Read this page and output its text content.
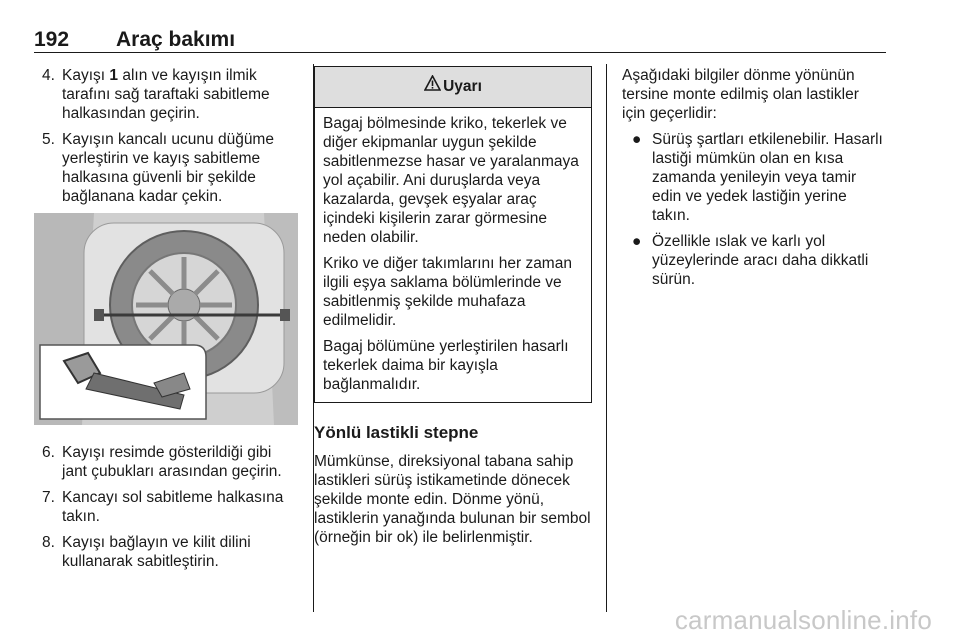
192 Araç bakımı
4. Kayışı 1 alın ve kayışın ilmik tarafını sağ taraftaki sabitleme halkasından geçirin.
5. Kayışın kancalı ucunu düğüme yerleştirin ve kayış sabitleme halkasına güvenli bir şekilde bağlanana kadar çekin.
6. Kayışı resimde gösterildiği gibi jant çubukları arasından geçirin.
7. Kancayı sol sabitleme halkasına takın.
8. Kayışı bağlayın ve kilit dilini kullanarak sabitleştirin.
Uyarı

Bagaj bölmesinde kriko, tekerlek ve diğer ekipmanlar uygun şekilde sabitlenmezse hasar ve yaralanmaya yol açabilir. Ani duruşlarda veya kazalarda, gevşek eşyalar araç içindeki kişilerin zarar görmesine neden olabilir.

Kriko ve diğer takımlarını her zaman ilgili eşya saklama bölümlerinde ve sabitlenmiş şekilde muhafaza edilmelidir.

Bagaj bölümüne yerleştirilen hasarlı tekerlek daima bir kayışla bağlanmalıdır.

Yönlü lastikli stepne

Mümkünse, direksiyonal tabana sahip lastikleri sürüş istikametinde dönecek şekilde monte edin. Dönme yönü, lastiklerin yanağında bulunan bir sembol (örneğin bir ok) ile belirlenmiştir.

Aşağıdaki bilgiler dönme yönünün tersine monte edilmiş olan lastikler için geçerlidir:

● Sürüş şartları etkilenebilir. Hasarlı lastiği mümkün olan en kısa zamanda yenileyin veya tamir edin ve yedek lastiğin yerine takın.
● Özellikle ıslak ve karlı yol yüzeylerinde aracı daha dikkatli sürün.
carmanualsonline.info
